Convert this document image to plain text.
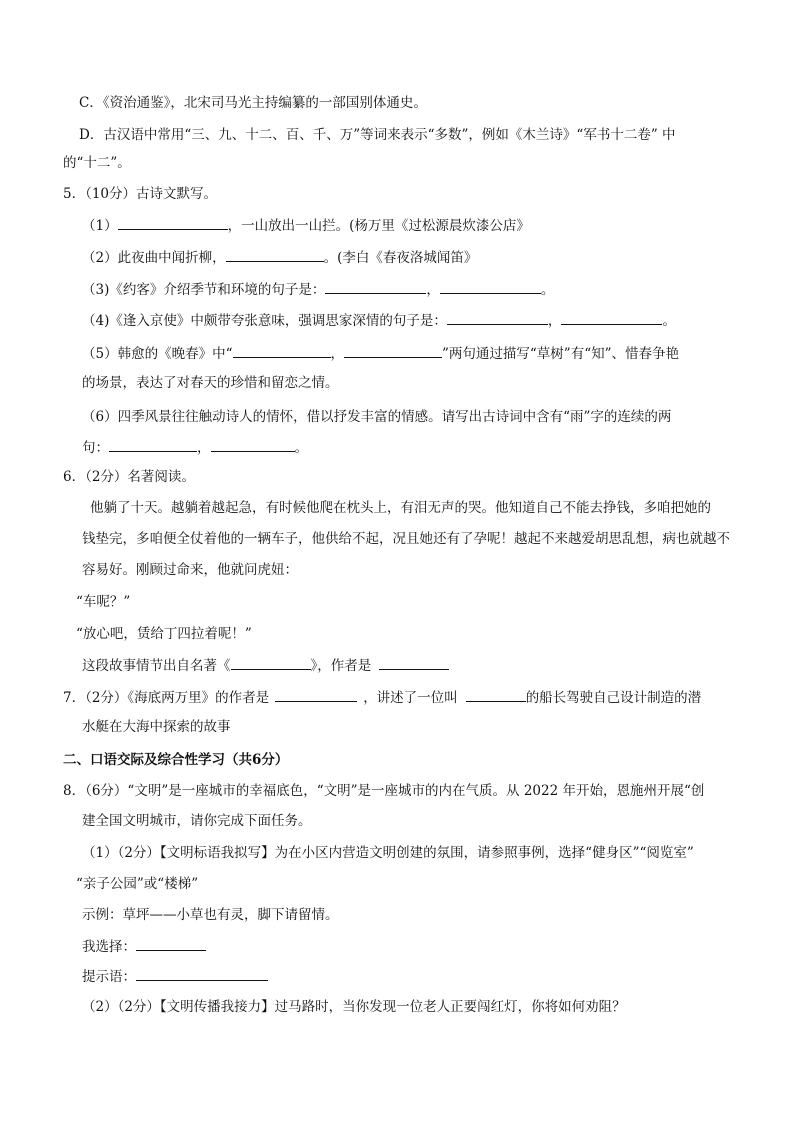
C．《资治通鉴》，北宋司马光主持编纂的一部国别体通史。
D．古汉语中常用“三、九、十二、百、千、万”等词来表示“多数”，例如《木兰诗》“军书十二卷” 中
的“十二”。
5．（10分）古诗文默写。
（1）	，一山放出一山拦。(杨万里《过松源晨炊漆公店》
（2）此夜曲中闻折柳，	。(李白《春夜洛城闻笛》
（3)《约客》介绍季节和环境的句子是：	，	。
（4)《逢入京使》中颇带夸张意味，强调思家深情的句子是：	，	。
（5）韩愈的《晚春》中“	，	”两句通过描写“草树”有“知”、惜春争艳
的场景，表达了对春天的珍惜和留恋之情。
（6）四季风景往往触动诗人的情怀，借以抒发丰富的情感。请写出古诗词中含有“雨”字的连续的两
句：	，	。
6．（2分）名著阅读。
他躺了十天。越躺着越起急，有时候他爬在枕头上，有泪无声的哭。他知道自己不能去挣钱，多咱把她的
钱垫完，多咱便全仗着他的一辆车子，他供给不起，况且她还有了孕呢！越起不来越爱胡思乱想，病也就越不
容易好。刚顾过命来，他就问虎妞：
“车呢？”
“放心吧，赁给丁四拉着呢！”
这段故事情节出自名著《	》，作者是
7．（2分）《海底两万里》的作者是	，讲述了一位叫	的船长驾驶自己设计制造的潜
水艇在大海中探索的故事
二、口语交际及综合性学习（共6分）
8．（6分）“文明”是一座城市的幸福底色，“文明”是一座城市的内在气质。从 2022 年开始，恩施州开展“创
建全国文明城市，请你完成下面任务。
（1）（2分）【文明标语我拟写】为在小区内营造文明创建的氛围，请参照事例，选择“健身区”“阅览室”
“亲子公园”或“楼梯”
示例：草坪——小草也有灵，脚下请留情。
我选择：
提示语：
（2）（2分）【文明传播我接力】过马路时，当你发现一位老人正要闯红灯，你将如何劝阻？
